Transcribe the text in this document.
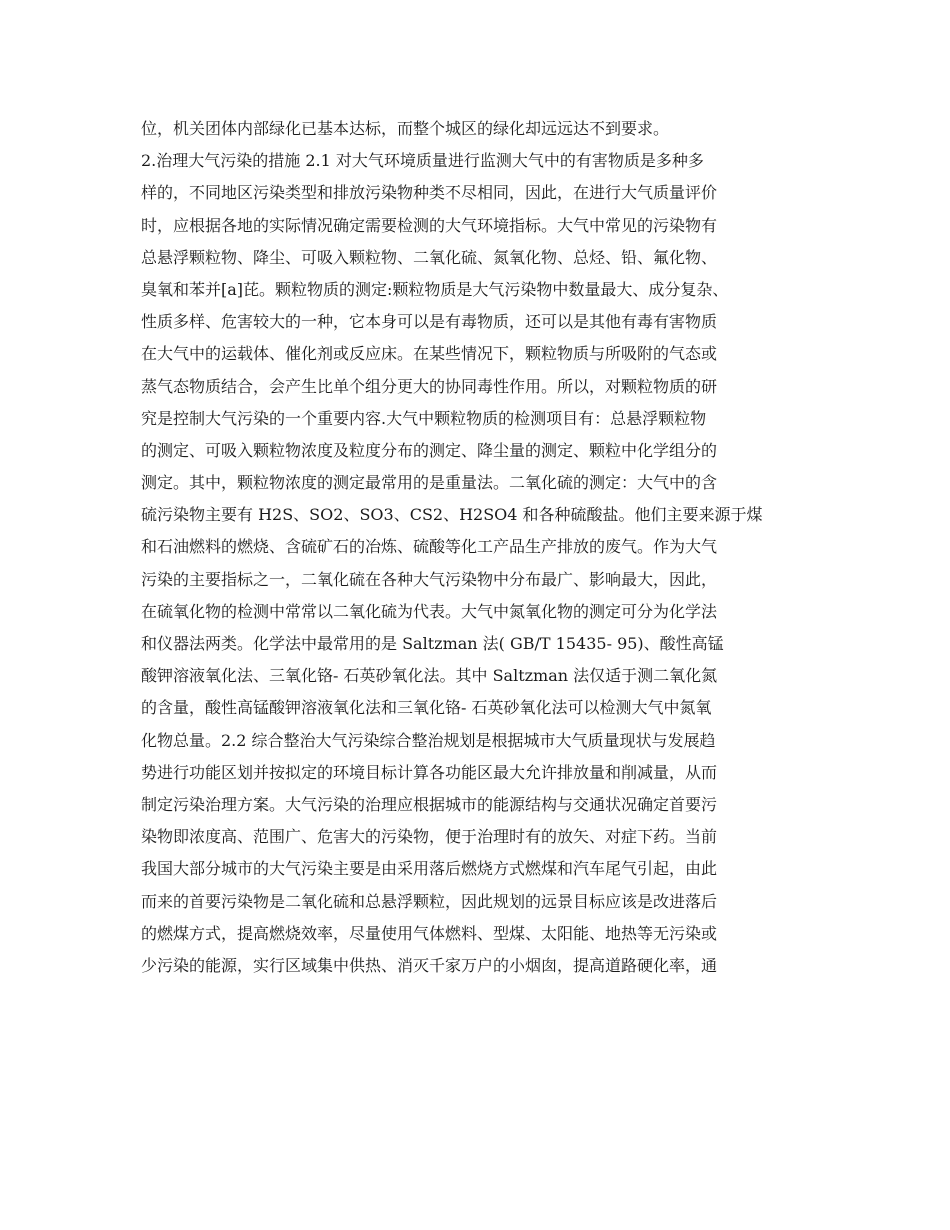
位，机关团体内部绿化已基本达标，而整个城区的绿化却远远达不到要求。
2.治理大气污染的措施 2.1 对大气环境质量进行监测大气中的有害物质是多种多
样的，不同地区污染类型和排放污染物种类不尽相同，因此，在进行大气质量评价
时，应根据各地的实际情况确定需要检测的大气环境指标。大气中常见的污染物有
总悬浮颗粒物、降尘、可吸入颗粒物、二氧化硫、氮氧化物、总烃、铅、氟化物、
臭氧和苯并[a]芘。颗粒物质的测定:颗粒物质是大气污染物中数量最大、成分复杂、
性质多样、危害较大的一种，它本身可以是有毒物质，还可以是其他有毒有害物质
在大气中的运载体、催化剂或反应床。在某些情况下，颗粒物质与所吸附的气态或
蒸气态物质结合，会产生比单个组分更大的协同毒性作用。所以，对颗粒物质的研
究是控制大气污染的一个重要内容.大气中颗粒物质的检测项目有：总悬浮颗粒物
的测定、可吸入颗粒物浓度及粒度分布的测定、降尘量的测定、颗粒中化学组分的
测定。其中，颗粒物浓度的测定最常用的是重量法。二氧化硫的测定：大气中的含
硫污染物主要有 H2S、SO2、SO3、CS2、H2SO4 和各种硫酸盐。他们主要来源于煤
和石油燃料的燃烧、含硫矿石的冶炼、硫酸等化工产品生产排放的废气。作为大气
污染的主要指标之一，二氧化硫在各种大气污染物中分布最广、影响最大，因此，
在硫氧化物的检测中常常以二氧化硫为代表。大气中氮氧化物的测定可分为化学法
和仪器法两类。化学法中最常用的是 Saltzman 法( GB/T 15435- 95)、酸性高锰
酸钾溶液氧化法、三氧化铬- 石英砂氧化法。其中 Saltzman 法仅适于测二氧化氮
的含量，酸性高锰酸钾溶液氧化法和三氧化铬- 石英砂氧化法可以检测大气中氮氧
化物总量。2.2 综合整治大气污染综合整治规划是根据城市大气质量现状与发展趋
势进行功能区划并按拟定的环境目标计算各功能区最大允许排放量和削减量，从而
制定污染治理方案。大气污染的治理应根据城市的能源结构与交通状况确定首要污
染物即浓度高、范围广、危害大的污染物，便于治理时有的放矢、对症下药。当前
我国大部分城市的大气污染主要是由采用落后燃烧方式燃煤和汽车尾气引起，由此
而来的首要污染物是二氧化硫和总悬浮颗粒，因此规划的远景目标应该是改进落后
的燃煤方式，提高燃烧效率，尽量使用气体燃料、型煤、太阳能、地热等无污染或
少污染的能源，实行区域集中供热、消灭千家万户的小烟囱，提高道路硬化率，通
